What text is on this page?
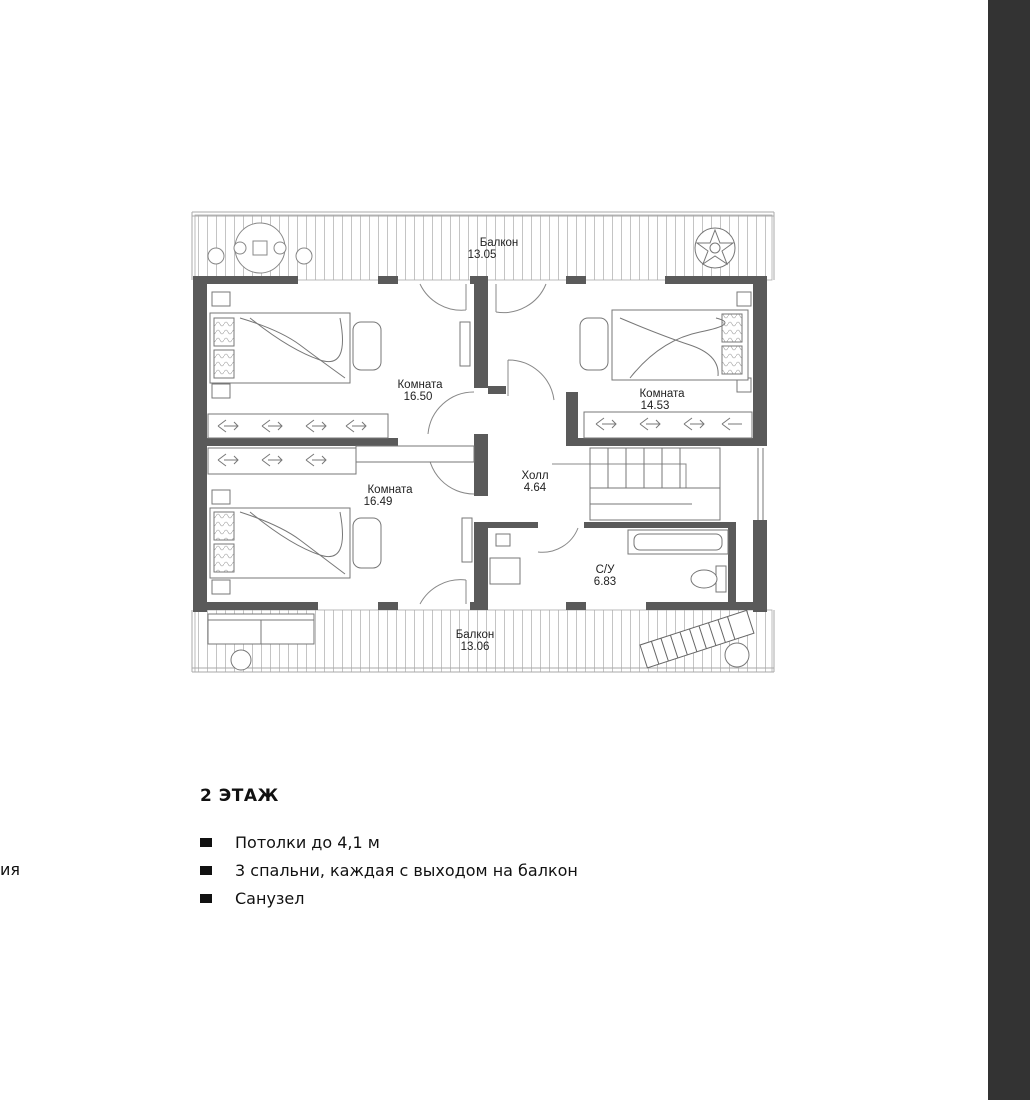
Балкон
13.05
Комната
16.50	Комната
14.53
Комната
16.49
Холл
4.64
С/У
6.83
Балкон
13.06
2 ЭТАЖ
Потолки до 4,1 м
3 спальни, каждая с выходом на балкон
Санузел
ия
